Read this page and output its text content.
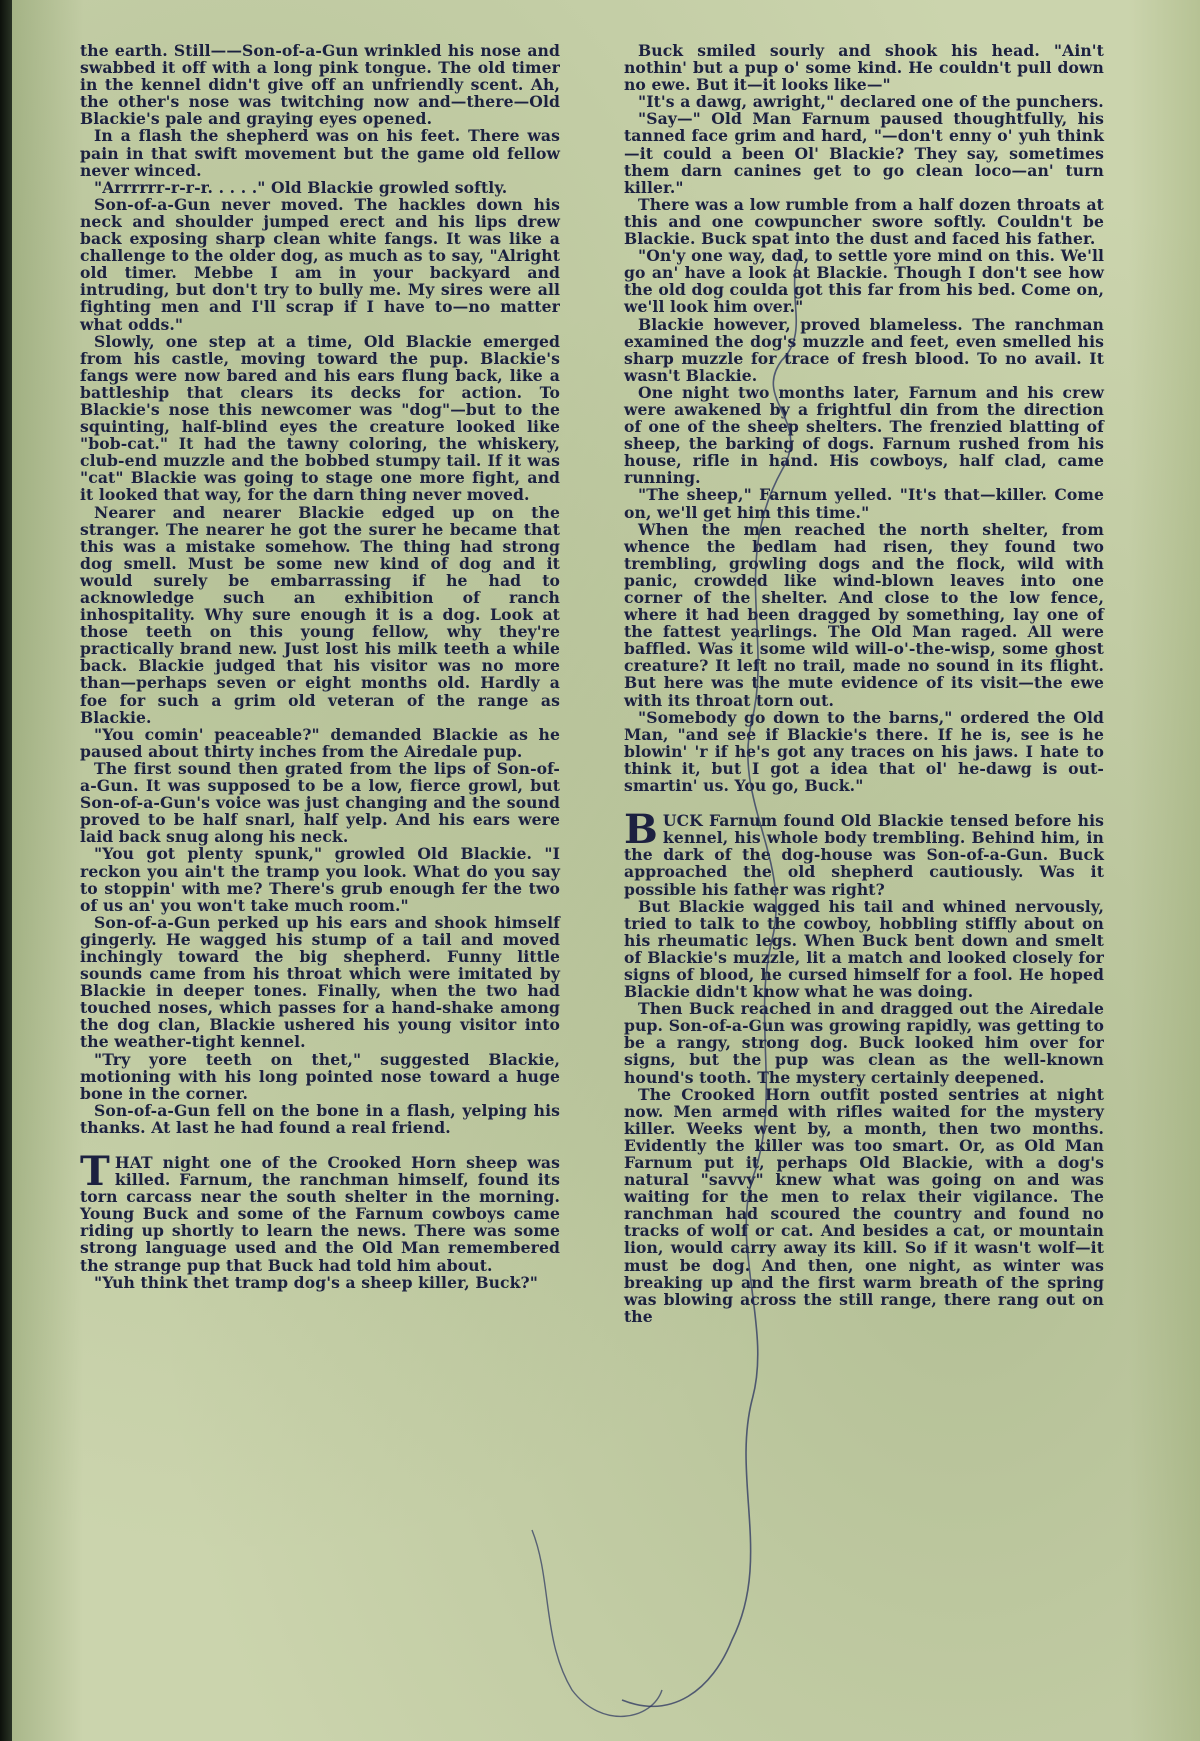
the earth. Still——Son-of-a-Gun wrinkled his nose and swabbed it off with a long pink tongue. The old timer in the kennel didn't give off an unfriendly scent. Ah, the other's nose was twitching now and—there—Old Blackie's pale and graying eyes opened.

In a flash the shepherd was on his feet. There was pain in that swift movement but the game old fellow never winced.

"Arrrrrr-r-r-r. . . . ." Old Blackie growled softly.

Son-of-a-Gun never moved. The hackles down his neck and shoulder jumped erect and his lips drew back exposing sharp clean white fangs. It was like a challenge to the older dog, as much as to say, "Alright old timer. Mebbe I am in your backyard and intruding, but don't try to bully me. My sires were all fighting men and I'll scrap if I have to—no matter what odds."

Slowly, one step at a time, Old Blackie emerged from his castle, moving toward the pup. Blackie's fangs were now bared and his ears flung back, like a battleship that clears its decks for action. To Blackie's nose this newcomer was "dog"—but to the squinting, half-blind eyes the creature looked like "bob-cat." It had the tawny coloring, the whiskery, club-end muzzle and the bobbed stumpy tail. If it was "cat" Blackie was going to stage one more fight, and it looked that way, for the darn thing never moved.

Nearer and nearer Blackie edged up on the stranger. The nearer he got the surer he became that this was a mistake somehow. The thing had strong dog smell. Must be some new kind of dog and it would surely be embarrassing if he had to acknowledge such an exhibition of ranch inhospitality. Why sure enough it is a dog. Look at those teeth on this young fellow, why they're practically brand new. Just lost his milk teeth a while back. Blackie judged that his visitor was no more than—perhaps seven or eight months old. Hardly a foe for such a grim old veteran of the range as Blackie.

"You comin' peaceable?" demanded Blackie as he paused about thirty inches from the Airedale pup.

The first sound then grated from the lips of Son-of-a-Gun. It was supposed to be a low, fierce growl, but Son-of-a-Gun's voice was just changing and the sound proved to be half snarl, half yelp. And his ears were laid back snug along his neck.

"You got plenty spunk," growled Old Blackie. "I reckon you ain't the tramp you look. What do you say to stoppin' with me? There's grub enough fer the two of us an' you won't take much room."

Son-of-a-Gun perked up his ears and shook himself gingerly. He wagged his stump of a tail and moved inchingly toward the big shepherd. Funny little sounds came from his throat which were imitated by Blackie in deeper tones. Finally, when the two had touched noses, which passes for a hand-shake among the dog clan, Blackie ushered his young visitor into the weather-tight kennel.

"Try yore teeth on thet," suggested Blackie, motioning with his long pointed nose toward a huge bone in the corner.

Son-of-a-Gun fell on the bone in a flash, yelping his thanks. At last he had found a real friend.

THAT night one of the Crooked Horn sheep was killed. Farnum, the ranchman himself, found its torn carcass near the south shelter in the morning. Young Buck and some of the Farnum cowboys came riding up shortly to learn the news. There was some strong language used and the Old Man remembered the strange pup that Buck had told him about.

"Yuh think thet tramp dog's a sheep killer, Buck?"

Buck smiled sourly and shook his head. "Ain't nothin' but a pup o' some kind. He couldn't pull down no ewe. But it—it looks like—"

"It's a dawg, awright," declared one of the punchers.

"Say—" Old Man Farnum paused thoughtfully, his tanned face grim and hard, "—don't enny o' yuh think—it could a been Ol' Blackie? They say, sometimes them darn canines get to go clean loco—an' turn killer."

There was a low rumble from a half dozen throats at this and one cowpuncher swore softly. Couldn't be Blackie. Buck spat into the dust and faced his father.

"On'y one way, dad, to settle yore mind on this. We'll go an' have a look at Blackie. Though I don't see how the old dog coulda got this far from his bed. Come on, we'll look him over."

Blackie however, proved blameless. The ranchman examined the dog's muzzle and feet, even smelled his sharp muzzle for trace of fresh blood. To no avail. It wasn't Blackie.

One night two months later, Farnum and his crew were awakened by a frightful din from the direction of one of the sheep shelters. The frenzied blatting of sheep, the barking of dogs. Farnum rushed from his house, rifle in hand. His cowboys, half clad, came running.

"The sheep," Farnum yelled. "It's that—killer. Come on, we'll get him this time."

When the men reached the north shelter, from whence the bedlam had risen, they found two trembling, growling dogs and the flock, wild with panic, crowded like wind-blown leaves into one corner of the shelter. And close to the low fence, where it had been dragged by something, lay one of the fattest yearlings. The Old Man raged. All were baffled. Was it some wild will-o'-the-wisp, some ghost creature? It left no trail, made no sound in its flight. But here was the mute evidence of its visit—the ewe with its throat torn out.

"Somebody go down to the barns," ordered the Old Man, "and see if Blackie's there. If he is, see is he blowin' 'r if he's got any traces on his jaws. I hate to think it, but I got a idea that ol' he-dawg is out-smartin' us. You go, Buck."

BUCK Farnum found Old Blackie tensed before his kennel, his whole body trembling. Behind him, in the dark of the dog-house was Son-of-a-Gun. Buck approached the old shepherd cautiously. Was it possible his father was right?

But Blackie wagged his tail and whined nervously, tried to talk to the cowboy, hobbling stiffly about on his rheumatic legs. When Buck bent down and smelt of Blackie's muzzle, lit a match and looked closely for signs of blood, he cursed himself for a fool. He hoped Blackie didn't know what he was doing.

Then Buck reached in and dragged out the Airedale pup. Son-of-a-Gun was growing rapidly, was getting to be a rangy, strong dog. Buck looked him over for signs, but the pup was clean as the well-known hound's tooth. The mystery certainly deepened.

The Crooked Horn outfit posted sentries at night now. Men armed with rifles waited for the mystery killer. Weeks went by, a month, then two months. Evidently the killer was too smart. Or, as Old Man Farnum put it, perhaps Old Blackie, with a dog's natural "savvy" knew what was going on and was waiting for the men to relax their vigilance. The ranchman had scoured the country and found no tracks of wolf or cat. And besides a cat, or mountain lion, would carry away its kill. So if it wasn't wolf—it must be dog. And then, one night, as winter was breaking up and the first warm breath of the spring was blowing across the still range, there rang out on the
